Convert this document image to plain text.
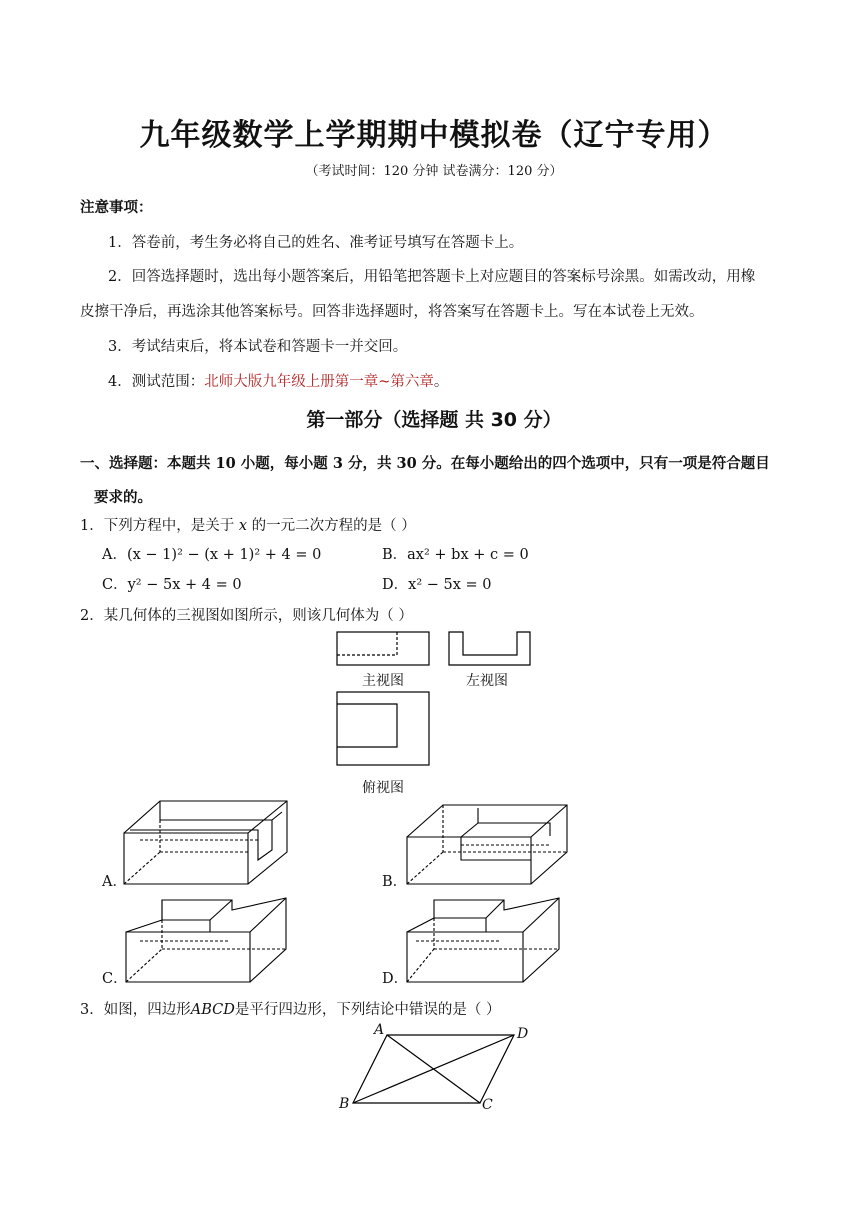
九年级数学上学期期中模拟卷（辽宁专用）
（考试时间：120 分钟 试卷满分：120 分）
注意事项：
1．答卷前，考生务必将自己的姓名、准考证号填写在答题卡上。
2．回答选择题时，选出每小题答案后，用铅笔把答题卡上对应题目的答案标号涂黑。如需改动，用橡
皮擦干净后，再选涂其他答案标号。回答非选择题时，将答案写在答题卡上。写在本试卷上无效。
3．考试结束后，将本试卷和答题卡一并交回。
4．测试范围：北师大版九年级上册第一章~第六章。
第一部分（选择题 共 30 分）
一、选择题：本题共 10 小题，每小题 3 分，共 30 分。在每小题给出的四个选项中，只有一项是符合题目
要求的。
1．下列方程中，是关于 x 的一元二次方程的是（ ）
A．(x − 1)² − (x + 1)² + 4 = 0	B．ax² + bx + c = 0
C．y² − 5x + 4 = 0	D．x² − 5x = 0
2．某几何体的三视图如图所示，则该几何体为（ ）
主视图	左视图
俯视图
A．	B．
C．	D．
3．如图，四边形ABCD是平行四边形，下列结论中错误的是（ ）
A	D
B	C
